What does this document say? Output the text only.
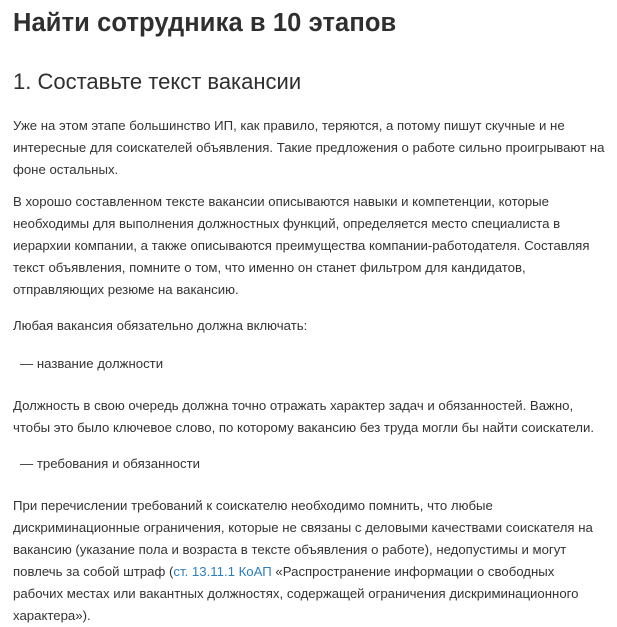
Найти сотрудника в 10 этапов
1. Составьте текст вакансии

Уже на этом этапе большинство ИП, как правило, теряются, а потому пишут скучные и не интересные для соискателей объявления. Такие предложения о работе сильно проигрывают на фоне остальных.

В хорошо составленном тексте вакансии описываются навыки и компетенции, которые необходимы для выполнения должностных функций, определяется место специалиста в иерархии компании, а также описываются преимущества компании-работодателя. Составляя текст объявления, помните о том, что именно он станет фильтром для кандидатов, отправляющих резюме на вакансию.

Любая вакансия обязательно должна включать:

— название должности

Должность в свою очередь должна точно отражать характер задач и обязанностей. Важно, чтобы это было ключевое слово, по которому вакансию без труда могли бы найти соискатели.

— требования и обязанности

При перечислении требований к соискателю необходимо помнить, что любые дискриминационные ограничения, которые не связаны с деловыми качествами соискателя на вакансию (указание пола и возраста в тексте объявления о работе), недопустимы и могут повлечь за собой штраф (ст. 13.11.1 КоАП «Распространение информации о свободных рабочих местах или вакантных должностях, содержащей ограничения дискриминационного характера»).
